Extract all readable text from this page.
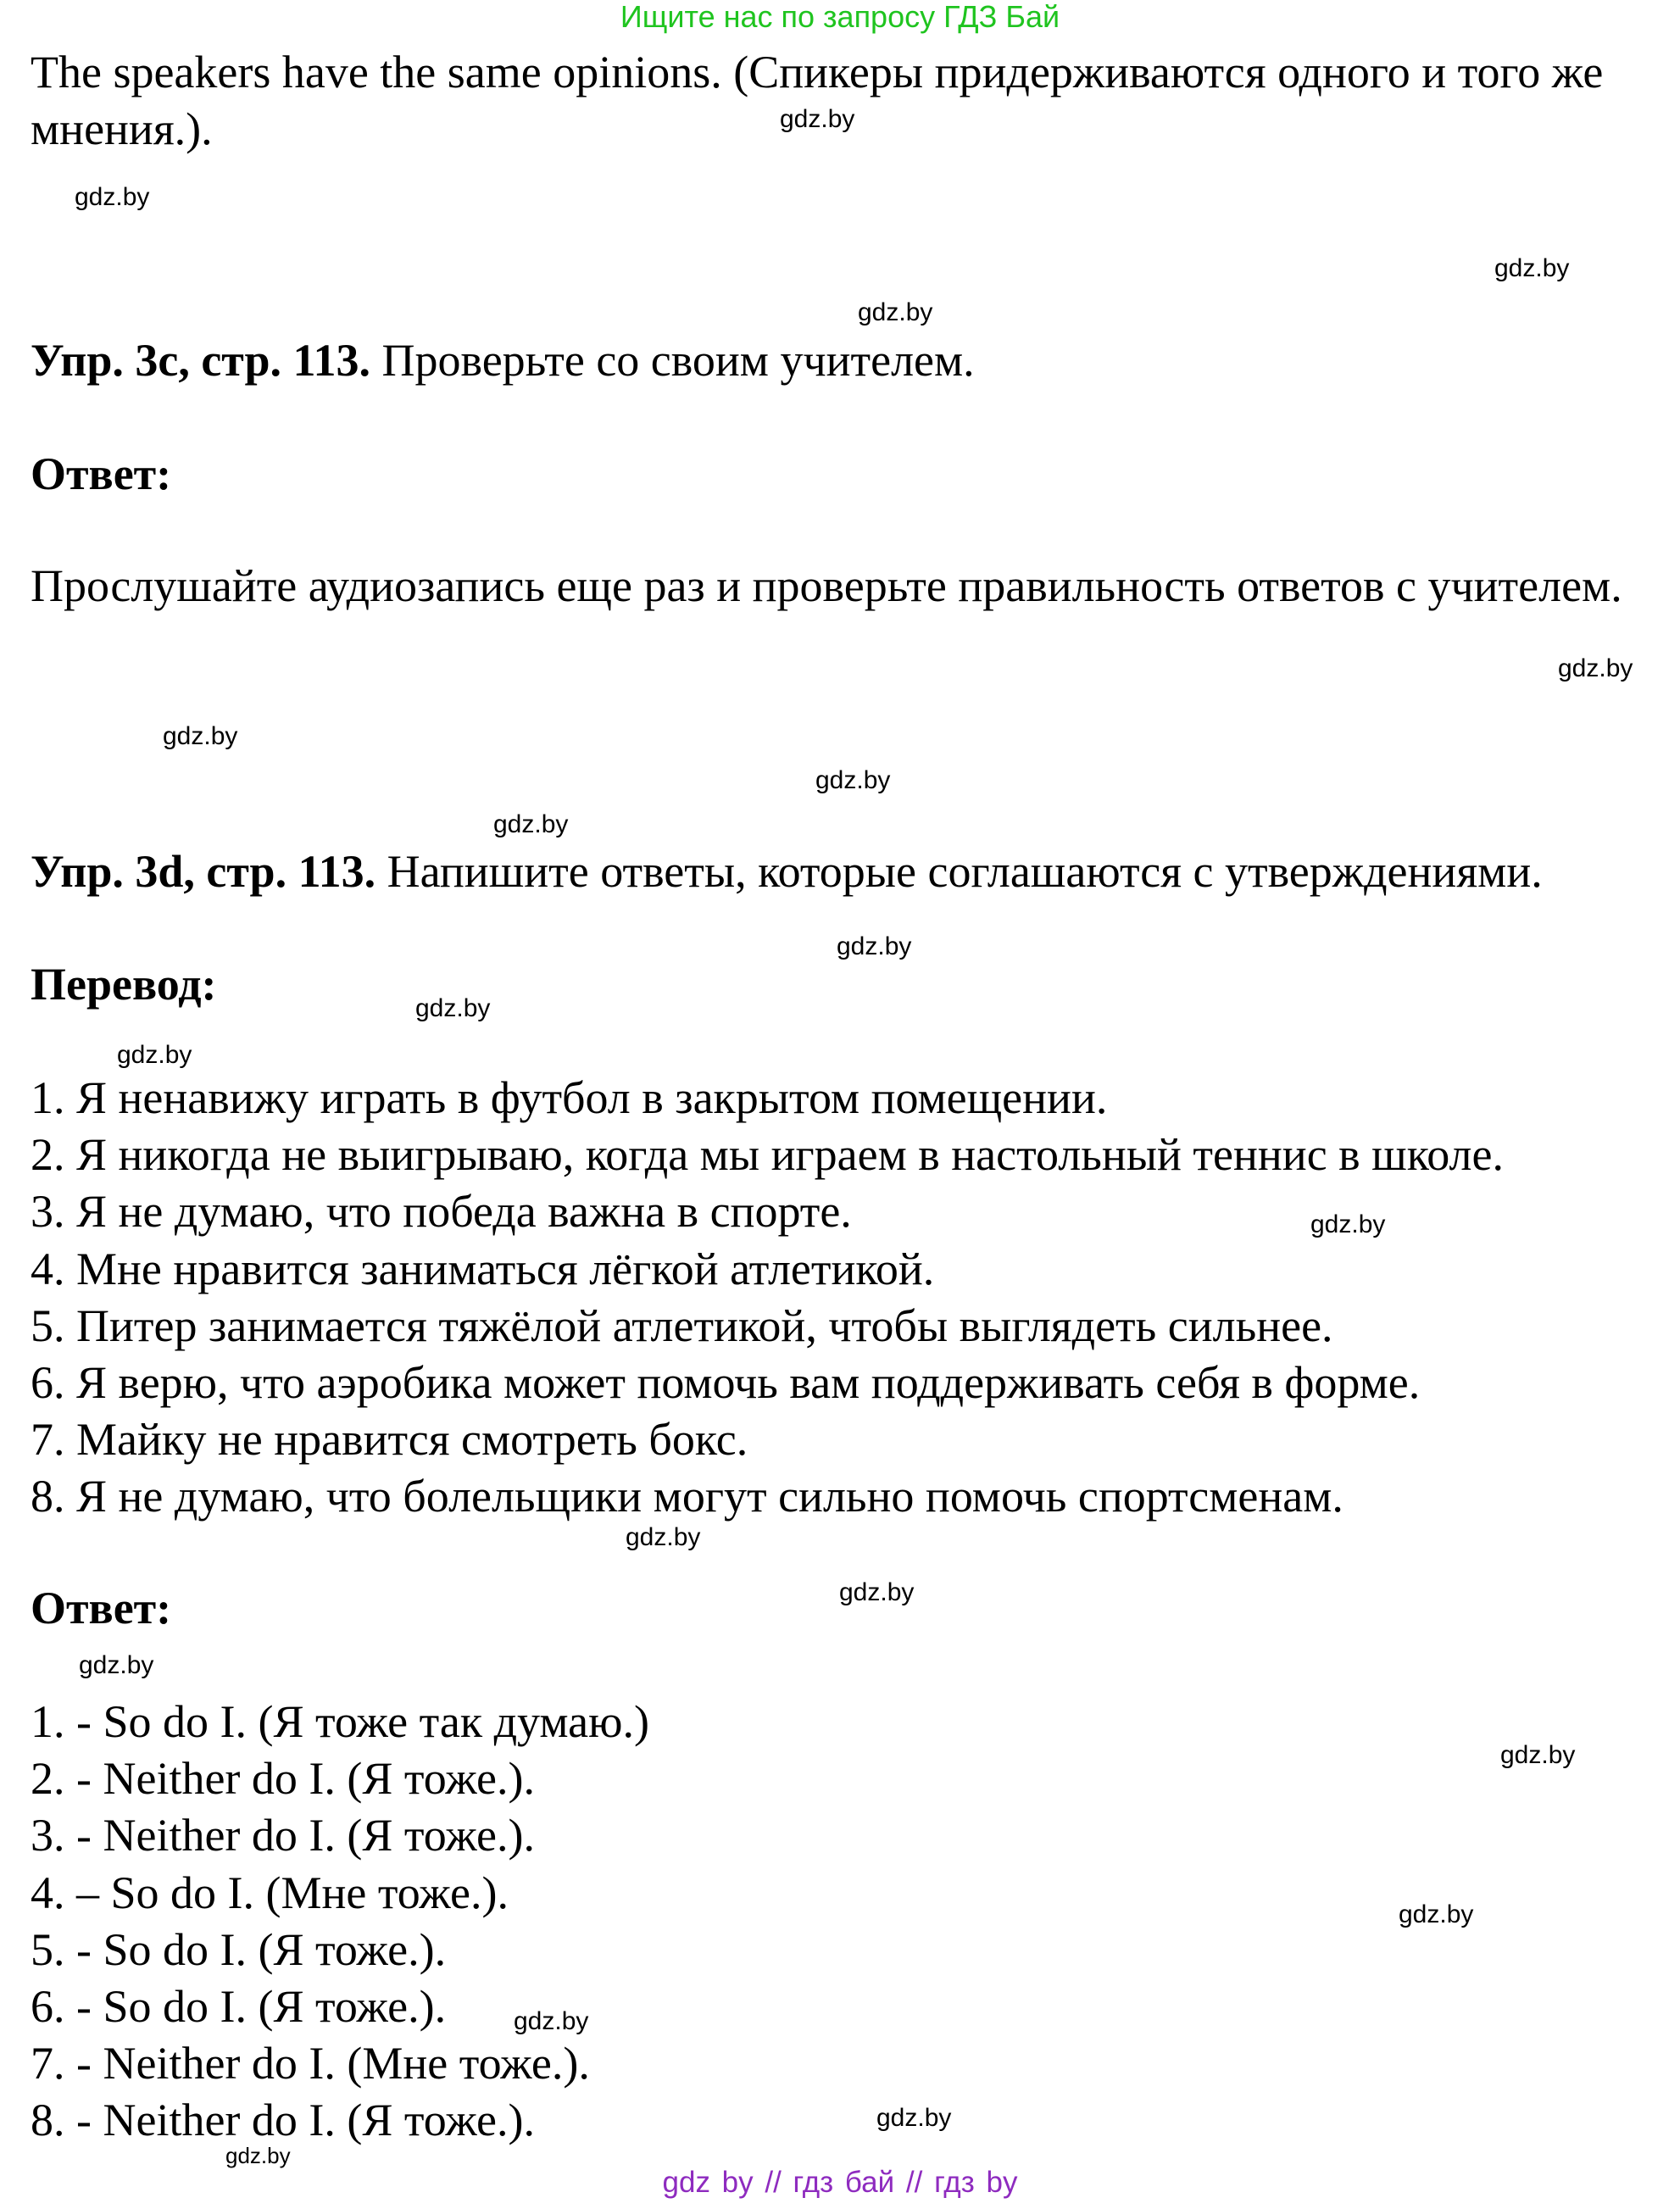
Ищите нас по запросу ГДЗ Бай
The speakers have the same opinions. (Спикеры придерживаются одного и того же мнения.).
Упр. 3c, стр. 113. Проверьте со своим учителем.
Ответ:
Прослушайте аудиозапись еще раз и проверьте правильность ответов с учителем.
Упр. 3d, стр. 113. Напишите ответы, которые соглашаются с утверждениями.
Перевод:
1. Я ненавижу играть в футбол в закрытом помещении.
2. Я никогда не выигрываю, когда мы играем в настольный теннис в школе.
3. Я не думаю, что победа важна в спорте.
4. Мне нравится заниматься лёгкой атлетикой.
5. Питер занимается тяжёлой атлетикой, чтобы выглядеть сильнее.
6. Я верю, что аэробика может помочь вам поддерживать себя в форме.
7. Майку не нравится смотреть бокс.
8. Я не думаю, что болельщики могут сильно помочь спортсменам.
Ответ:
1. - So do I. (Я тоже так думаю.)
2. - Neither do I. (Я тоже.).
3. - Neither do I. (Я тоже.).
4. – So do I. (Мне тоже.).
5. - So do I. (Я тоже.).
6. - So do I. (Я тоже.).
7. - Neither do I. (Мне тоже.).
8. - Neither do I. (Я тоже.).
gdz.by
gdz.by
gdz.by
gdz.by
gdz.by
gdz.by
gdz.by
gdz.by
gdz.by
gdz.by
gdz.by
gdz.by
gdz.by
gdz.by
gdz.by
gdz.by
gdz.by
gdz.by
gdz.by
gdz.by
gdz by // гдз бай // гдз by
